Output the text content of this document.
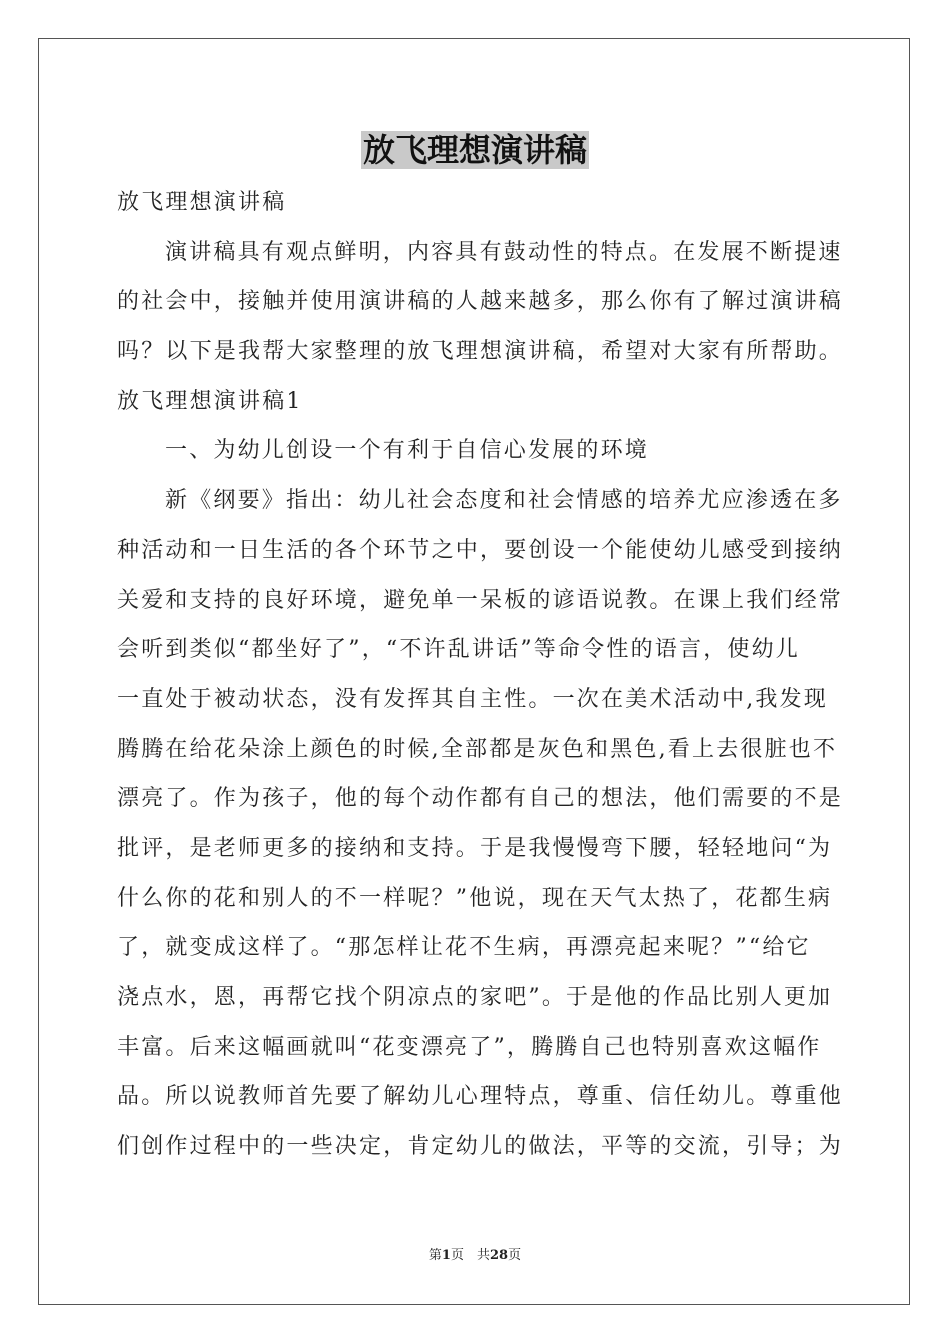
放飞理想演讲稿
放飞理想演讲稿
演讲稿具有观点鲜明，内容具有鼓动性的特点。在发展不断提速
的社会中，接触并使用演讲稿的人越来越多，那么你有了解过演讲稿
吗？以下是我帮大家整理的放飞理想演讲稿，希望对大家有所帮助。
放飞理想演讲稿1
一、为幼儿创设一个有利于自信心发展的环境
新《纲要》指出：幼儿社会态度和社会情感的培养尤应渗透在多
种活动和一日生活的各个环节之中，要创设一个能使幼儿感受到接纳
关爱和支持的良好环境，避免单一呆板的谚语说教。在课上我们经常
会听到类似“都坐好了”，“不许乱讲话”等命令性的语言，使幼儿
一直处于被动状态，没有发挥其自主性。一次在美术活动中,我发现
腾腾在给花朵涂上颜色的时候,全部都是灰色和黑色,看上去很脏也不
漂亮了。作为孩子，他的每个动作都有自己的想法，他们需要的不是
批评，是老师更多的接纳和支持。于是我慢慢弯下腰，轻轻地问“为
什么你的花和别人的不一样呢？”他说，现在天气太热了，花都生病
了，就变成这样了。“那怎样让花不生病，再漂亮起来呢？”“给它
浇点水，恩，再帮它找个阴凉点的家吧”。于是他的作品比别人更加
丰富。后来这幅画就叫“花变漂亮了”，腾腾自己也特别喜欢这幅作
品。所以说教师首先要了解幼儿心理特点，尊重、信任幼儿。尊重他
们创作过程中的一些决定，肯定幼儿的做法，平等的交流，引导；为
第1页　共28页
